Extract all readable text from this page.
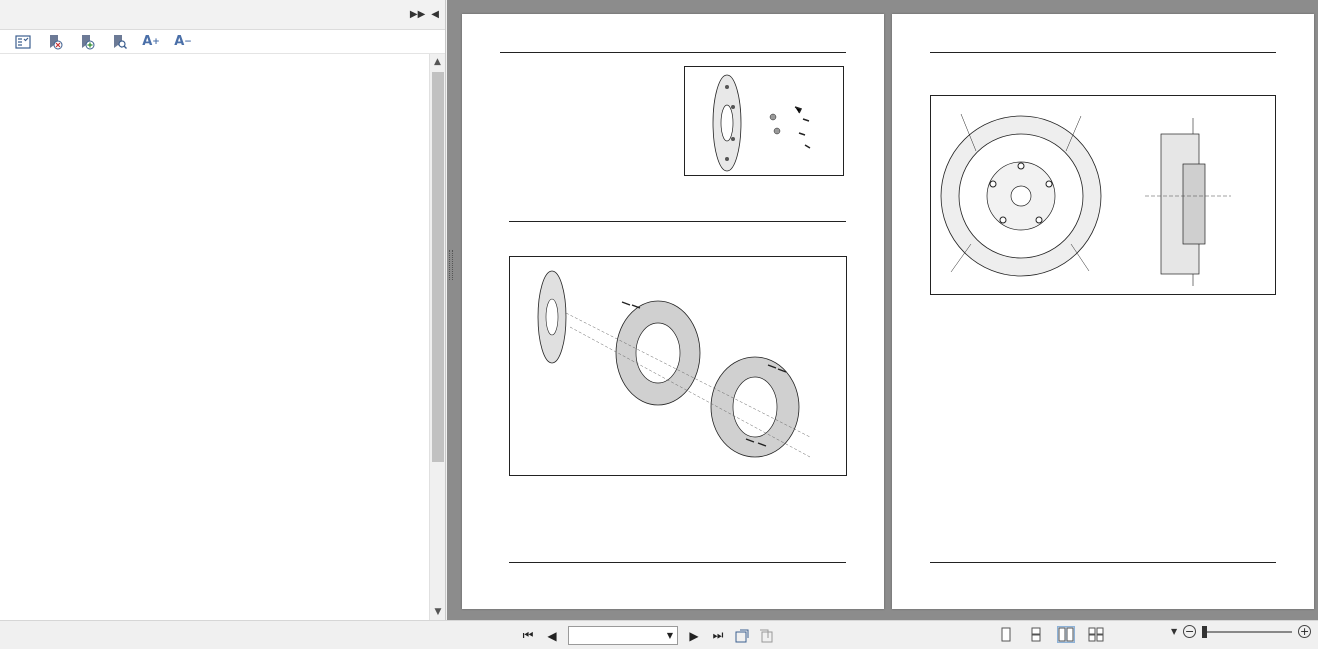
▶▶ ◀
A + A −
▲
▼
⏮ ◀	▼	▶ ⏭	▼ −	+
